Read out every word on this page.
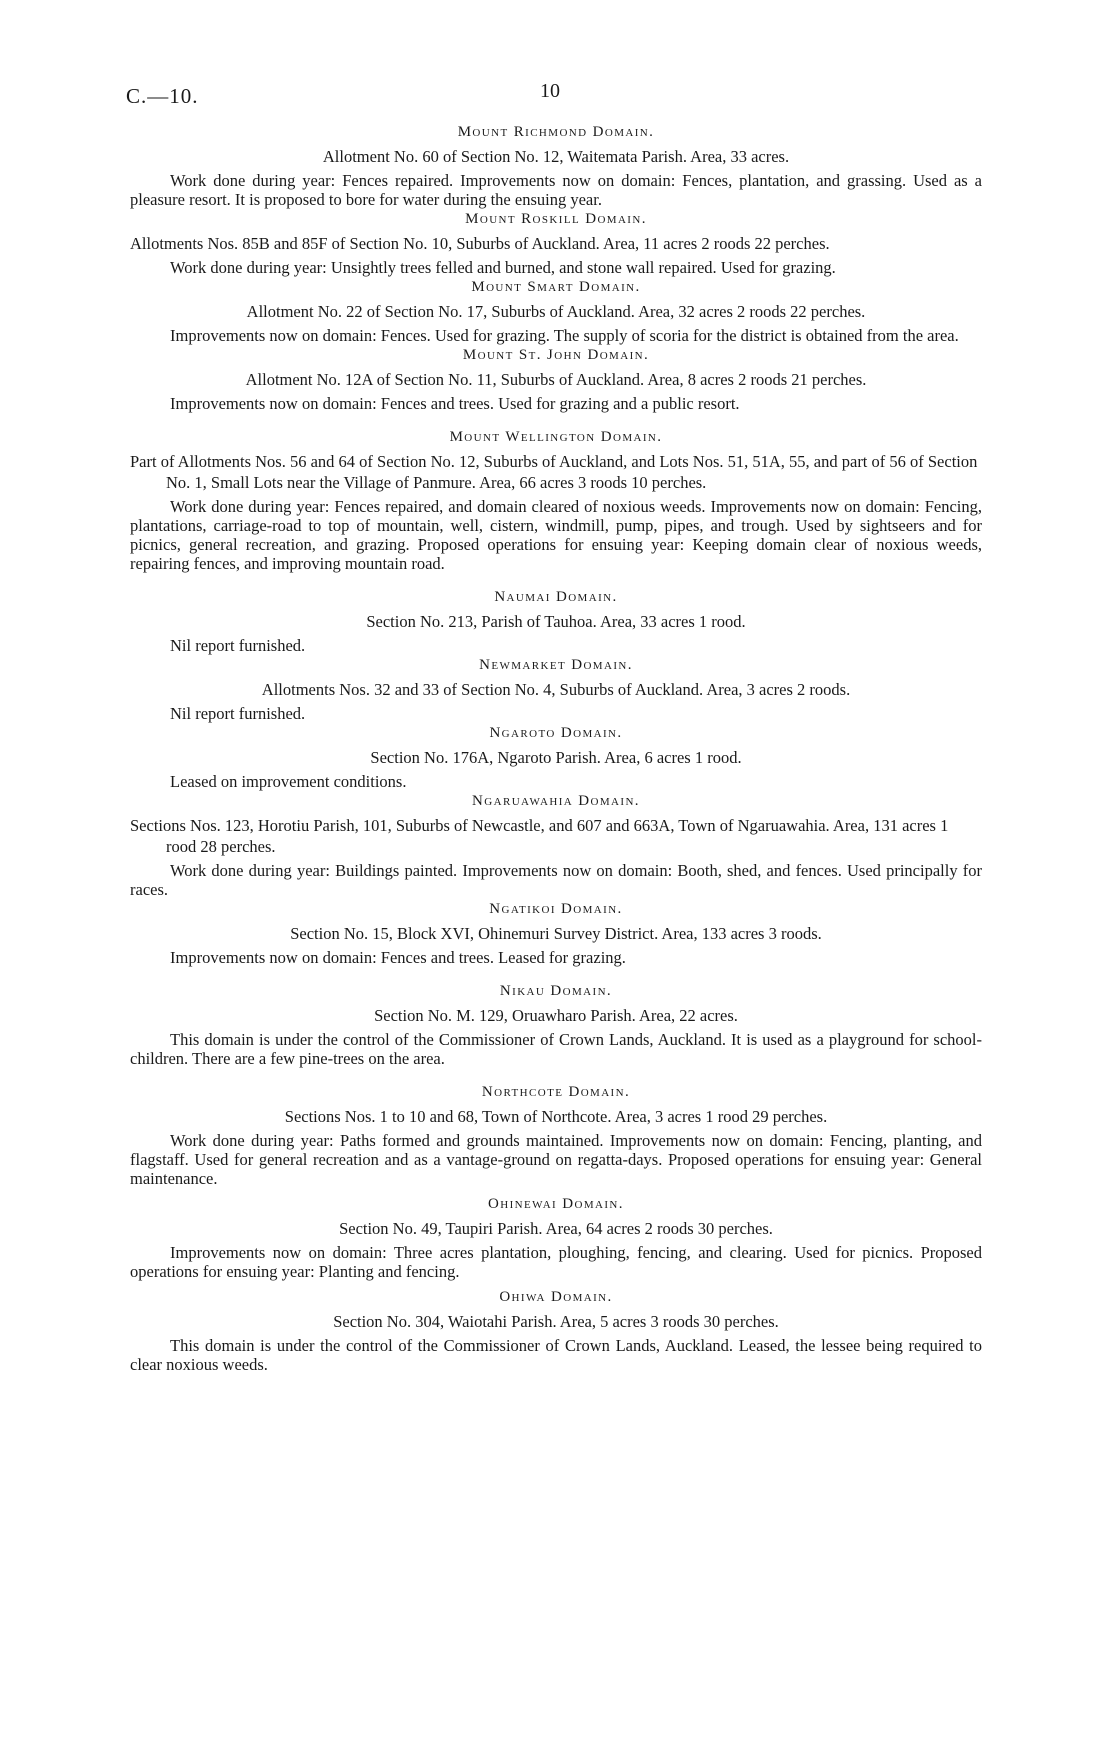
C.—10.	10
Mount Richmond Domain.
Allotment No. 60 of Section No. 12, Waitemata Parish. Area, 33 acres.

Work done during year: Fences repaired. Improvements now on domain: Fences, plantation, and grassing. Used as a pleasure resort. It is proposed to bore for water during the ensuing year.

Mount Roskill Domain.
Allotments Nos. 85B and 85F of Section No. 10, Suburbs of Auckland. Area, 11 acres 2 roods 22 perches.

Work done during year: Unsightly trees felled and burned, and stone wall repaired. Used for grazing.

Mount Smart Domain.
Allotment No. 22 of Section No. 17, Suburbs of Auckland. Area, 32 acres 2 roods 22 perches.

Improvements now on domain: Fences. Used for grazing. The supply of scoria for the district is obtained from the area.

Mount St. John Domain.
Allotment No. 12A of Section No. 11, Suburbs of Auckland. Area, 8 acres 2 roods 21 perches.

Improvements now on domain: Fences and trees. Used for grazing and a public resort.

Mount Wellington Domain.
Part of Allotments Nos. 56 and 64 of Section No. 12, Suburbs of Auckland, and Lots Nos. 51, 51A, 55, and part of 56 of Section No. 1, Small Lots near the Village of Panmure. Area, 66 acres 3 roods 10 perches.

Work done during year: Fences repaired, and domain cleared of noxious weeds. Improvements now on domain: Fencing, plantations, carriage-road to top of mountain, well, cistern, windmill, pump, pipes, and trough. Used by sightseers and for picnics, general recreation, and grazing. Proposed operations for ensuing year: Keeping domain clear of noxious weeds, repairing fences, and improving mountain road.

Naumai Domain.
Section No. 213, Parish of Tauhoa. Area, 33 acres 1 rood.

Nil report furnished.

Newmarket Domain.
Allotments Nos. 32 and 33 of Section No. 4, Suburbs of Auckland. Area, 3 acres 2 roods.

Nil report furnished.

Ngaroto Domain.
Section No. 176A, Ngaroto Parish. Area, 6 acres 1 rood.

Leased on improvement conditions.

Ngaruawahia Domain.
Sections Nos. 123, Horotiu Parish, 101, Suburbs of Newcastle, and 607 and 663A, Town of Ngaruawahia. Area, 131 acres 1 rood 28 perches.

Work done during year: Buildings painted. Improvements now on domain: Booth, shed, and fences. Used principally for races.

Ngatikoi Domain.
Section No. 15, Block XVI, Ohinemuri Survey District. Area, 133 acres 3 roods.

Improvements now on domain: Fences and trees. Leased for grazing.

Nikau Domain.
Section No. M. 129, Oruawharo Parish. Area, 22 acres.

This domain is under the control of the Commissioner of Crown Lands, Auckland. It is used as a playground for school-children. There are a few pine-trees on the area.

Northcote Domain.
Sections Nos. 1 to 10 and 68, Town of Northcote. Area, 3 acres 1 rood 29 perches.

Work done during year: Paths formed and grounds maintained. Improvements now on domain: Fencing, planting, and flagstaff. Used for general recreation and as a vantage-ground on regatta-days. Proposed operations for ensuing year: General maintenance.

Ohinewai Domain.
Section No. 49, Taupiri Parish. Area, 64 acres 2 roods 30 perches.

Improvements now on domain: Three acres plantation, ploughing, fencing, and clearing. Used for picnics. Proposed operations for ensuing year: Planting and fencing.

Ohiwa Domain.
Section No. 304, Waiotahi Parish. Area, 5 acres 3 roods 30 perches.

This domain is under the control of the Commissioner of Crown Lands, Auckland. Leased, the lessee being required to clear noxious weeds.
